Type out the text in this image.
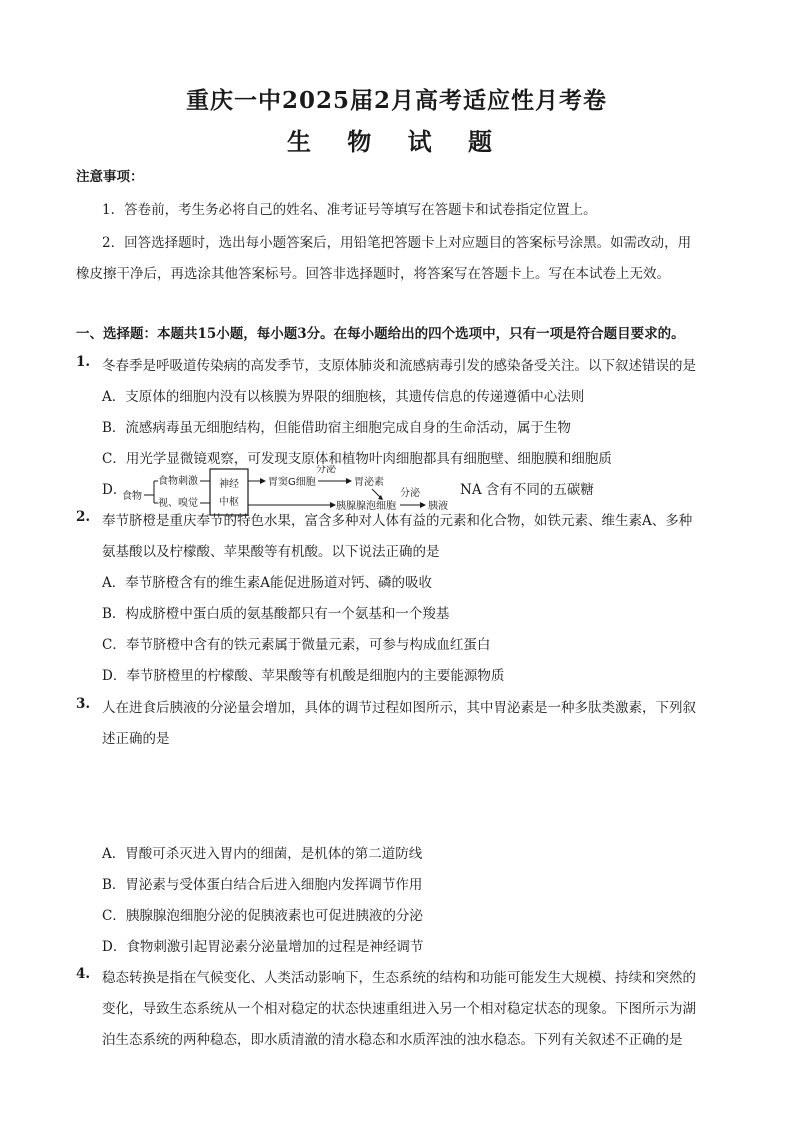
重庆一中2025届2月高考适应性月考卷
生 物 试 题
注意事项：
1．答卷前，考生务必将自己的姓名、准考证号等填写在答题卡和试卷指定位置上。
2．回答选择题时，选出每小题答案后，用铅笔把答题卡上对应题目的答案标号涂黑。如需改动，用
橡皮擦干净后，再选涂其他答案标号。回答非选择题时，将答案写在答题卡上。写在本试卷上无效。
一、选择题：本题共15小题，每小题3分。在每小题给出的四个选项中，只有一项是符合题目要求的。
1. 冬春季是呼吸道传染病的高发季节，支原体肺炎和流感病毒引发的感染备受关注。以下叙述错误的是
A．支原体的细胞内没有以核膜为界限的细胞核，其遗传信息的传递遵循中心法则
B．流感病毒虽无细胞结构，但能借助宿主细胞完成自身的生命活动，属于生物
C．用光学显微镜观察，可发现支原体和植物叶肉细胞都具有细胞壁、细胞膜和细胞质
D．	NA 含有不同的五碳糖
食物
食物刺激
视、嗅觉
神经
中枢
胃窦G细胞
分泌
胃泌素
胰腺腺泡细胞
分泌
胰液
2. 奉节脐橙是重庆奉节的特色水果，富含多种对人体有益的元素和化合物，如铁元素、维生素A、多种
氨基酸以及柠檬酸、苹果酸等有机酸。以下说法正确的是
A．奉节脐橙含有的维生素A能促进肠道对钙、磷的吸收
B．构成脐橙中蛋白质的氨基酸都只有一个氨基和一个羧基
C．奉节脐橙中含有的铁元素属于微量元素，可参与构成血红蛋白
D．奉节脐橙里的柠檬酸、苹果酸等有机酸是细胞内的主要能源物质
3. 人在进食后胰液的分泌量会增加，具体的调节过程如图所示，其中胃泌素是一种多肽类激素，下列叙
述正确的是
A．胃酸可杀灭进入胃内的细菌，是机体的第二道防线
B．胃泌素与受体蛋白结合后进入细胞内发挥调节作用
C．胰腺腺泡细胞分泌的促胰液素也可促进胰液的分泌
D．食物刺激引起胃泌素分泌量增加的过程是神经调节
4. 稳态转换是指在气候变化、人类活动影响下，生态系统的结构和功能可能发生大规模、持续和突然的
变化，导致生态系统从一个相对稳定的状态快速重组进入另一个相对稳定状态的现象。下图所示为湖
泊生态系统的两种稳态，即水质清澈的清水稳态和水质浑浊的浊水稳态。下列有关叙述不正确的是
